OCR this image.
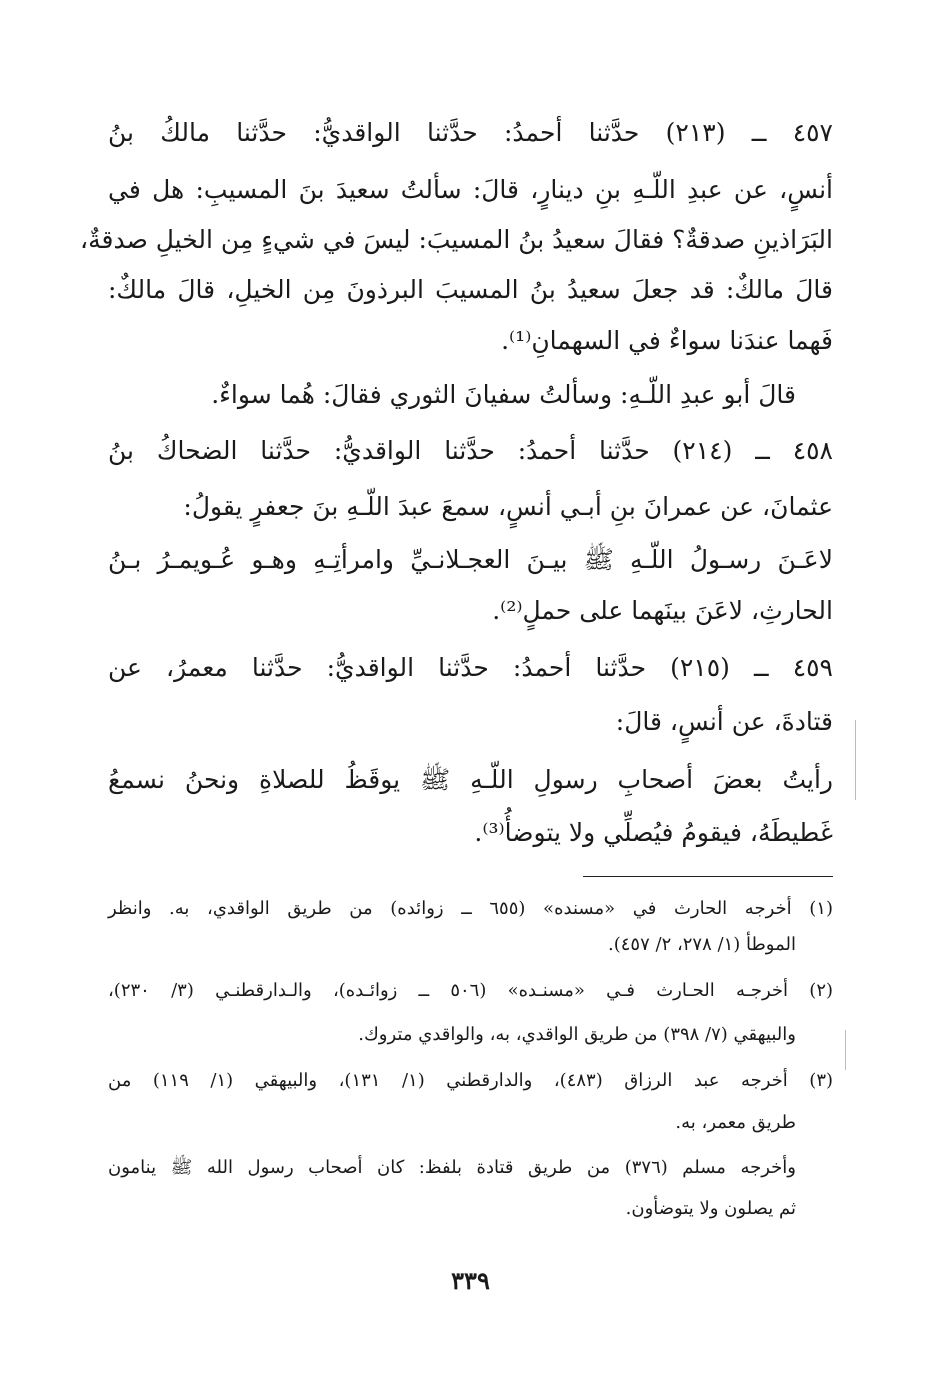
٤٥٧ ــ (٢١٣) حدَّثنا أحمدُ: حدَّثنا الواقديُّ: حدَّثنا مالكُ بنُ
أنسٍ، عن عبدِ اللّـهِ بنِ دينارٍ، قالَ: سألتُ سعيدَ بنَ المسيبِ: هل في
البَرَاذينِ صدقةٌ؟ فقالَ سعيدُ بنُ المسيبَ: ليسَ في شيءٍ مِن الخيلِ صدقةٌ،
قالَ مالكٌ: قد جعلَ سعيدُ بنُ المسيبَ البرذونَ مِن الخيلِ، قالَ مالكٌ:
فَهما عندَنا سواءٌ في السهمانِ⁽¹⁾.
قالَ أبو عبدِ اللّـهِ: وسألتُ سفيانَ الثوري فقالَ: هُما سواءٌ.
٤٥٨ ــ (٢١٤) حدَّثنا أحمدُ: حدَّثنا الواقديُّ: حدَّثنا الضحاكُ بنُ
عثمانَ، عن عمرانَ بنِ أبـي أنسٍ، سمعَ عبدَ اللّـهِ بنَ جعفرٍ يقولُ:
لاعَـنَ رسـولُ اللّـهِ ﷺ بيـنَ العجـلانـيِّ وامرأتِـهِ وهـو عُـويمـرُ بـنُ
الحارثِ، لاعَنَ بينَهما على حملٍ⁽²⁾.
٤٥٩ ــ (٢١٥) حدَّثنا أحمدُ: حدَّثنا الواقديُّ: حدَّثنا معمرُ، عن
قتادةَ، عن أنسٍ، قالَ:
رأيتُ بعضَ أصحابِ رسولِ اللّـهِ ﷺ يوقَظُ للصلاةِ ونحنُ نسمعُ
غَطيطَهُ، فيقومُ فيُصلِّي ولا يتوضأُ⁽³⁾.
(١) أخرجه الحارث في «مسنده» (٦٥٥ ــ زوائده) من طريق الواقدي، به. وانظر
الموطأ (١/ ٢٧٨، ٢/ ٤٥٧).
(٢) أخرجـه الحـارث فـي «مسنـده» (٥٠٦ ــ زوائـده)، والـدارقطنـي (٣/ ٢٣٠)،
والبيهقي (٧/ ٣٩٨) من طريق الواقدي، به، والواقدي متروك.
(٣) أخرجه عبد الرزاق (٤٨٣)، والدارقطني (١/ ١٣١)، والبيهقي (١/ ١١٩) من
طريق معمر، به.
وأخرجه مسلم (٣٧٦) من طريق قتادة بلفظ: كان أصحاب رسول الله ﷺ ينامون
ثم يصلون ولا يتوضأون.
٣٣٩
